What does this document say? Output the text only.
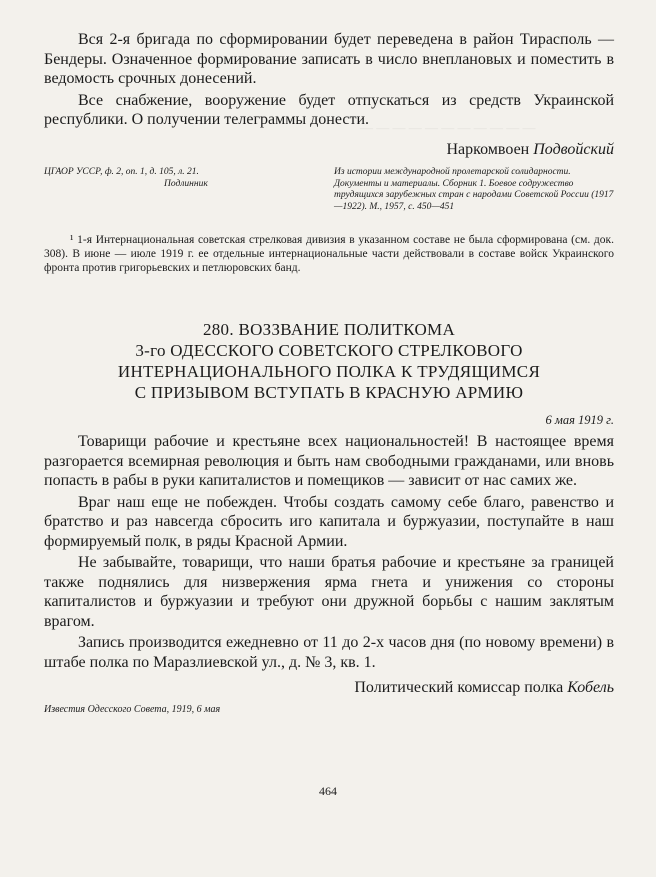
— — — — — — — — — — —

Вся 2-я бригада по сформировании будет переведена в район Тирасполь — Бендеры. Означенное формирование записать в число внеплановых и поместить в ведомость срочных донесений.

Все снабжение, вооружение будет отпускаться из средств Украинской республики. О получении телеграммы донести.

Наркомвоен Подвойский

ЦГАОР УССР, ф. 2, оп. 1, д. 105, л. 21.
Подлинник
Из истории международной пролетарской солидарности. Документы и материалы. Сборник 1. Боевое содружество трудящихся зарубежных стран с народами Советской России (1917—1922). М., 1957, с. 450—451

¹ 1-я Интернациональная советская стрелковая дивизия в указанном составе не была сформирована (см. док. 308). В июне — июле 1919 г. ее отдельные интернациональные части действовали в составе войск Украинского фронта против григорьевских и петлюровских банд.

280. ВОЗЗВАНИЕ ПОЛИТКОМА
3-го ОДЕССКОГО СОВЕТСКОГО СТРЕЛКОВОГО
ИНТЕРНАЦИОНАЛЬНОГО ПОЛКА К ТРУДЯЩИМСЯ
С ПРИЗЫВОМ ВСТУПАТЬ В КРАСНУЮ АРМИЮ
6 мая 1919 г.

Товарищи рабочие и крестьяне всех национальностей! В настоящее время разгорается всемирная революция и быть нам свободными гражданами, или вновь попасть в рабы в руки капиталистов и помещиков — зависит от нас самих же.

Враг наш еще не побежден. Чтобы создать самому себе благо, равенство и братство и раз навсегда сбросить иго капитала и буржуазии, поступайте в наш формируемый полк, в ряды Красной Армии.

Не забывайте, товарищи, что наши братья рабочие и крестьяне за границей также поднялись для низвержения ярма гнета и унижения со стороны капиталистов и буржуазии и требуют они дружной борьбы с нашим заклятым врагом.

Запись производится ежедневно от 11 до 2-х часов дня (по новому времени) в штабе полка по Маразлиевской ул., д. № 3, кв. 1.

Политический комиссар полка Кобель

Известия Одесского Совета, 1919, 6 мая
464
